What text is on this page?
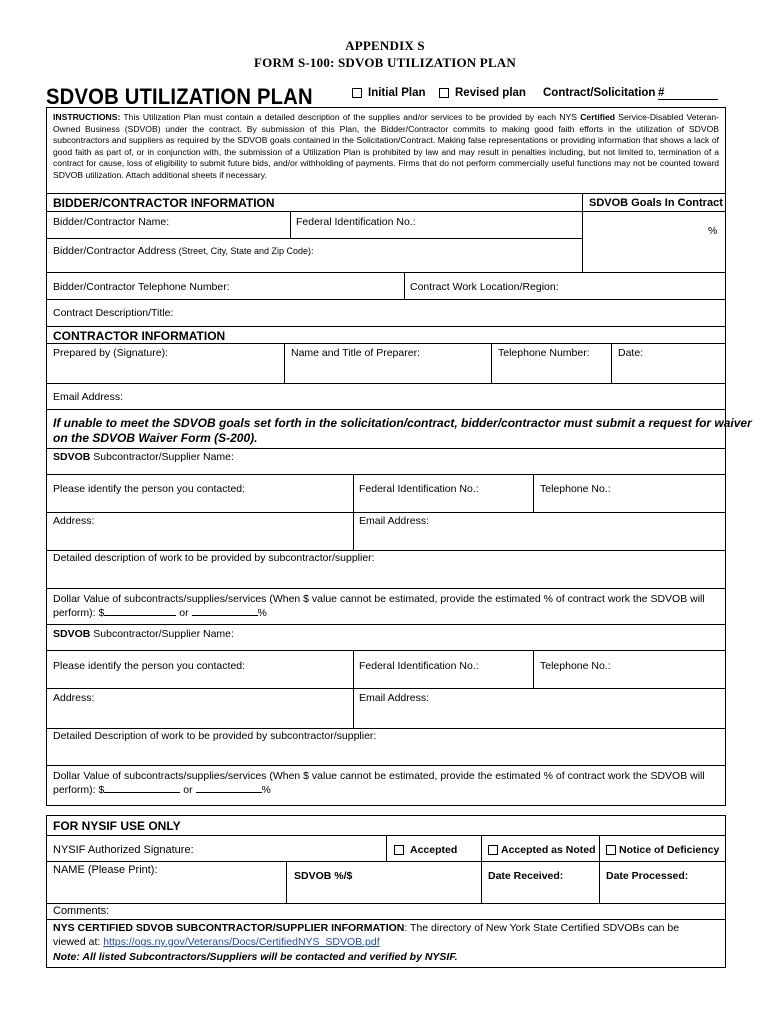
APPENDIX S
FORM S-100: SDVOB UTILIZATION PLAN
SDVOB UTILIZATION PLAN	Initial Plan	Revised plan Contract/Solicitation #
INSTRUCTIONS: This Utilization Plan must contain a detailed description of the supplies and/or services to be provided by each NYS Certified Service-Disabled Veteran-Owned Business (SDVOB) under the contract. By submission of this Plan, the Bidder/Contractor commits to making good faith efforts in the utilization of SDVOB subcontractors and suppliers as required by the SDVOB goals contained in the Solicitation/Contract. Making false representations or providing information that shows a lack of good faith as part of, or in conjunction with, the submission of a Utilization Plan is prohibited by law and may result in penalties including, but not limited to, termination of a contract for cause, loss of eligibility to submit future bids, and/or withholding of payments. Firms that do not perform commercially useful functions may not be counted toward SDVOB utilization. Attach additional sheets if necessary.
BIDDER/CONTRACTOR INFORMATION	SDVOB Goals In Contract
%
Bidder/Contractor Name:	Federal Identification No.:
Bidder/Contractor Address (Street, City, State and Zip Code):
Bidder/Contractor Telephone Number:	Contract Work Location/Region:
Contract Description/Title:
CONTRACTOR INFORMATION
Prepared by (Signature):	Name and Title of Preparer:	Telephone Number:	Date:
Email Address:
If unable to meet the SDVOB goals set forth in the solicitation/contract, bidder/contractor must submit a request for waiver
on the SDVOB Waiver Form (S-200).
SDVOB Subcontractor/Supplier Name:
Please identify the person you contacted:	Federal Identification No.:	Telephone No.:
Address:	Email Address:
Detailed description of work to be provided by subcontractor/supplier:
Dollar Value of subcontracts/supplies/services (When $ value cannot be estimated, provide the estimated % of contract work the SDVOB will
perform): $	or	%
SDVOB Subcontractor/Supplier Name:
Please identify the person you contacted:	Federal Identification No.:	Telephone No.:
Address:	Email Address:
Detailed Description of work to be provided by subcontractor/supplier:
Dollar Value of subcontracts/supplies/services (When $ value cannot be estimated, provide the estimated % of contract work the SDVOB will
perform): $	or	%
FOR NYSIF USE ONLY
NYSIF Authorized Signature:	Accepted	Accepted as Noted	Notice of Deficiency
NAME (Please Print):	SDVOB %/$	Date Received:	Date Processed:
Comments:
NYS CERTIFIED SDVOB SUBCONTRACTOR/SUPPLIER INFORMATION: The directory of New York State Certified SDVOBs can be
viewed at: https://ogs.ny.gov/Veterans/Docs/CertifiedNYS_SDVOB.pdf
Note: All listed Subcontractors/Suppliers will be contacted and verified by NYSIF.
